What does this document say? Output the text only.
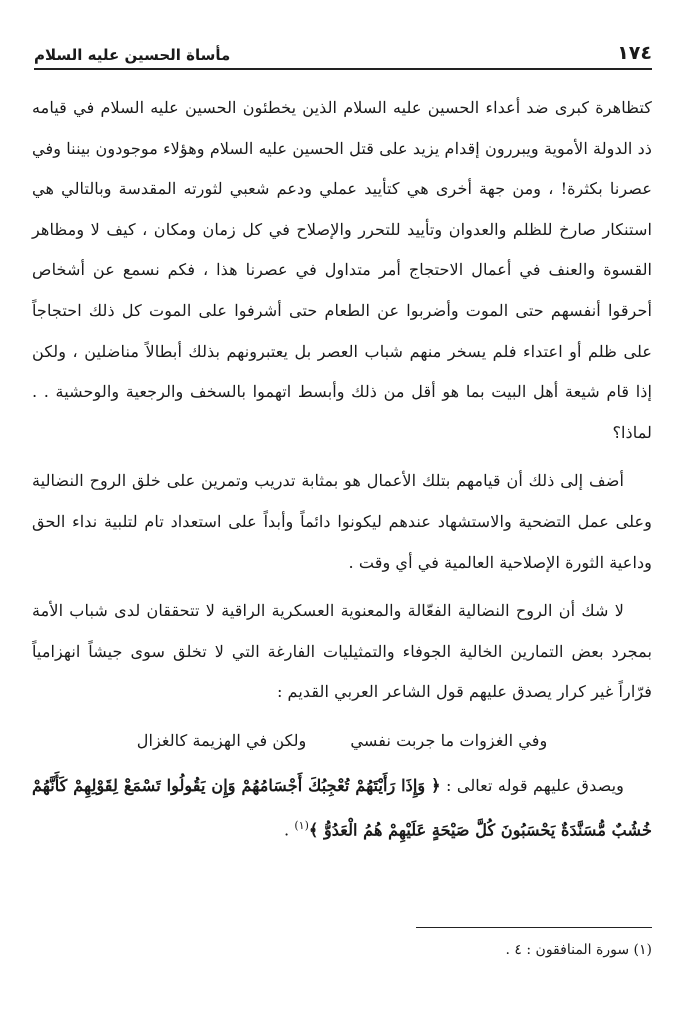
١٧٤
مأساة الحسين عليه السلام

كتظاهرة كبرى ضد أعداء الحسين عليه السلام الذين يخطئون الحسين عليه السلام في قيامه ذد الدولة الأموية ويبررون إقدام يزيد على قتل الحسين عليه السلام وهؤلاء موجودون بيننا وفي عصرنا بكثرة! ، ومن جهة أخرى هي كتأييد عملي ودعم شعبي لثورته المقدسة وبالتالي هي استنكار صارخ للظلم والعدوان وتأييد للتحرر والإصلاح في كل زمان ومكان ، كيف لا ومظاهر القسوة والعنف في أعمال الاحتجاج أمر متداول في عصرنا هذا ، فكم نسمع عن أشخاص أحرقوا أنفسهم حتى الموت وأضربوا عن الطعام حتى أشرفوا على الموت كل ذلك احتجاجاً على ظلم أو اعتداء فلم يسخر منهم شباب العصر بل يعتبرونهم بذلك أبطالاً مناضلين ، ولكن إذا قام شيعة أهل البيت بما هو أقل من ذلك وأبسط اتهموا بالسخف والرجعية والوحشية . . لماذا؟

أضف إلى ذلك أن قيامهم بتلك الأعمال هو بمثابة تدريب وتمرين على خلق الروح النضالية وعلى عمل التضحية والاستشهاد عندهم ليكونوا دائماً وأبداً على استعداد تام لتلبية نداء الحق وداعية الثورة الإصلاحية العالمية في أي وقت .

لا شك أن الروح النضالية الفعّالة والمعنوية العسكرية الراقية لا تتحققان لدى شباب الأمة بمجرد بعض التمارين الخالية الجوفاء والتمثيليات الفارغة التي لا تخلق سوى جيشاً انهزامياً فرّاراً غير كرار يصدق عليهم قول الشاعر العربي القديم :

وفي الغزوات ما جربت نفسي
ولكن في الهزيمة كالغزال

ويصدق عليهم قوله تعالى : ﴿ وَإِذَا رَأَيْتَهُمْ تُعْجِبُكَ أَجْسَامُهُمْ وَإِن يَقُولُوا تَسْمَعْ لِقَوْلِهِمْ كَأَنَّهُمْ خُشُبٌ مُّسَنَّدَةٌ يَحْسَبُونَ كُلَّ صَيْحَةٍ عَلَيْهِمْ هُمُ الْعَدُوُّ ﴾$^{(١)}$ .

(١) سورة المنافقون : ٤ .
